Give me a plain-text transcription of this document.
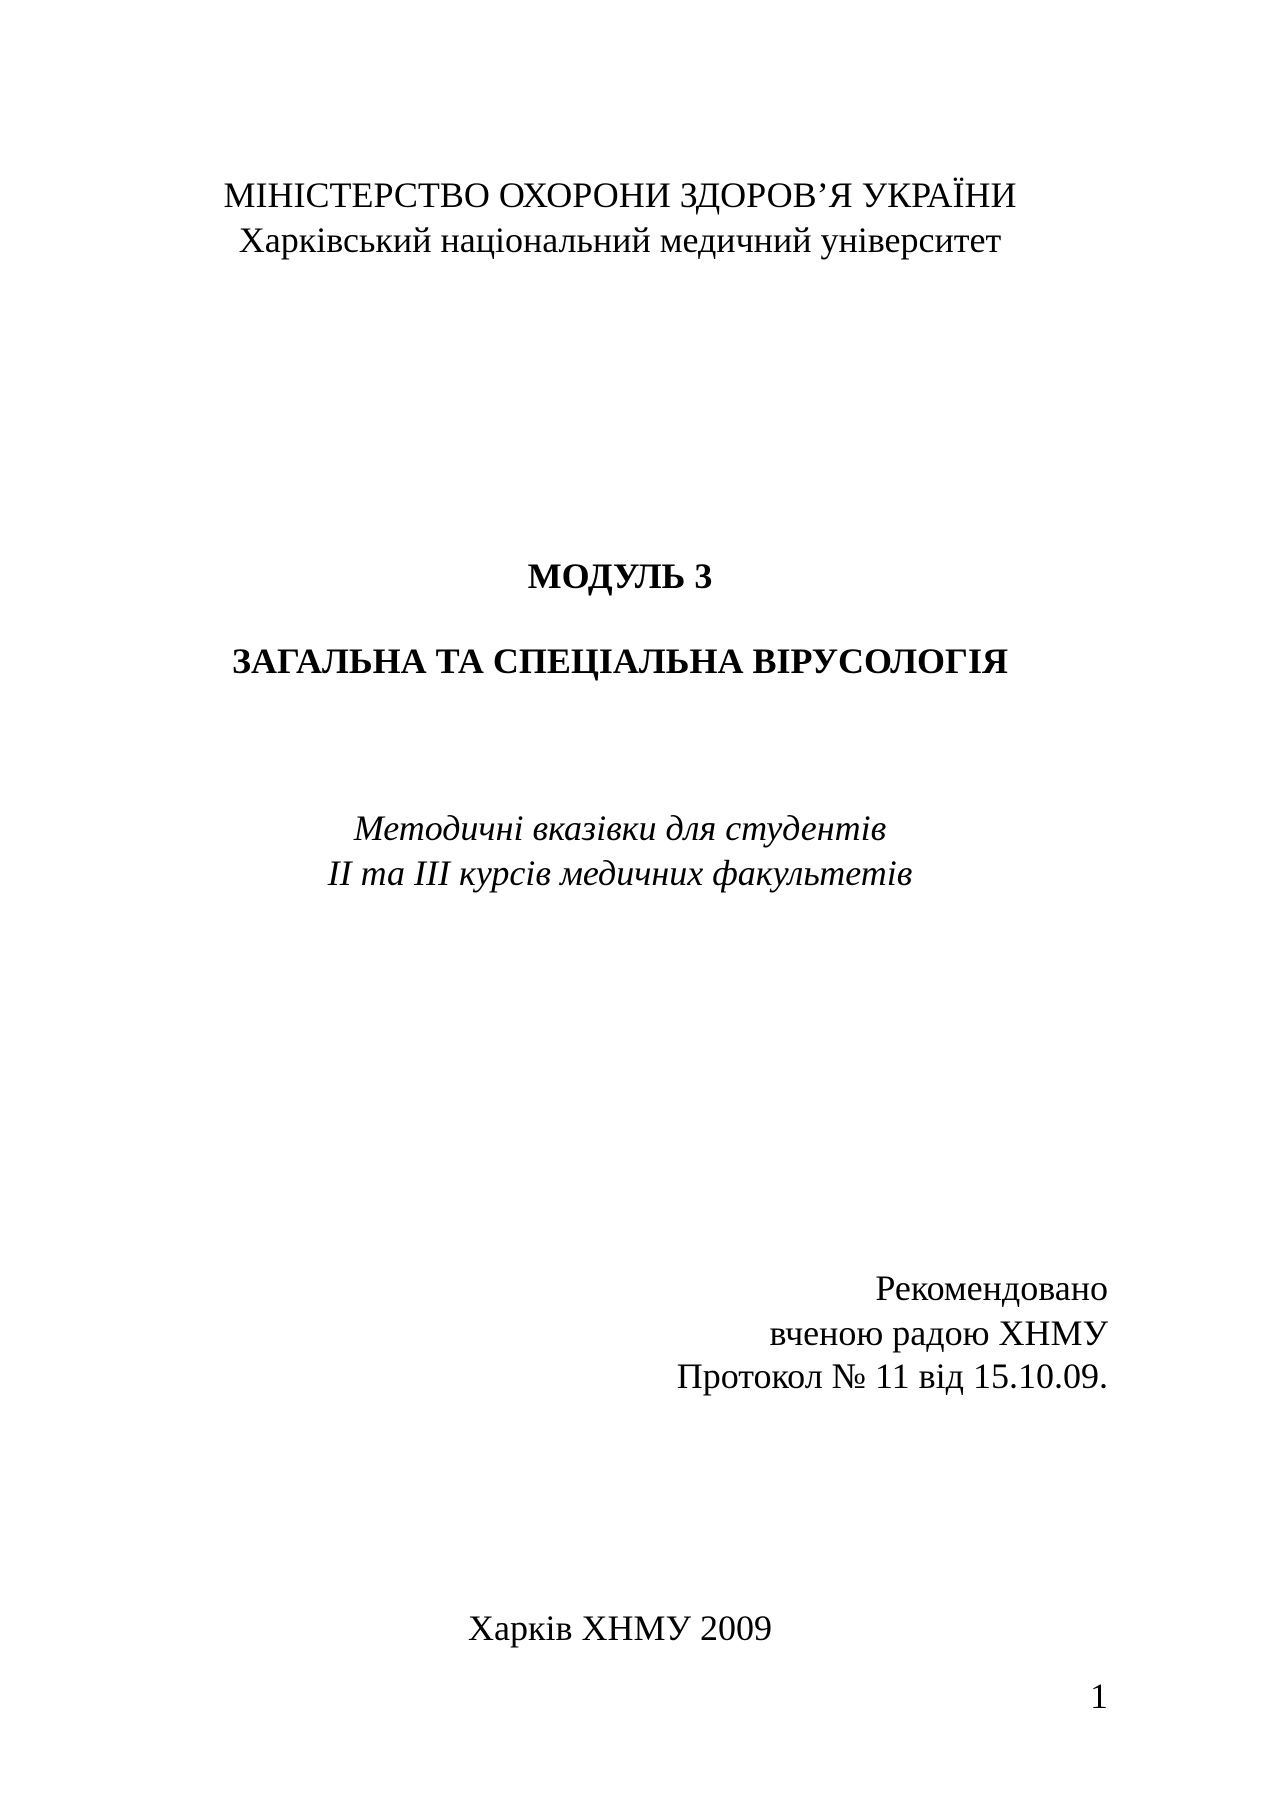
МІНІСТЕРСТВО ОХОРОНИ ЗДОРОВ’Я УКРАЇНИ
Харківський національний медичний університет
МОДУЛЬ 3
ЗАГАЛЬНА ТА СПЕЦІАЛЬНА ВІРУСОЛОГІЯ
Методичні вказівки для студентів
ІІ та ІІІ курсів медичних факультетів
Рекомендовано
вченою радою ХНМУ
Протокол № 11 від 15.10.09.
Харків ХНМУ 2009
1
